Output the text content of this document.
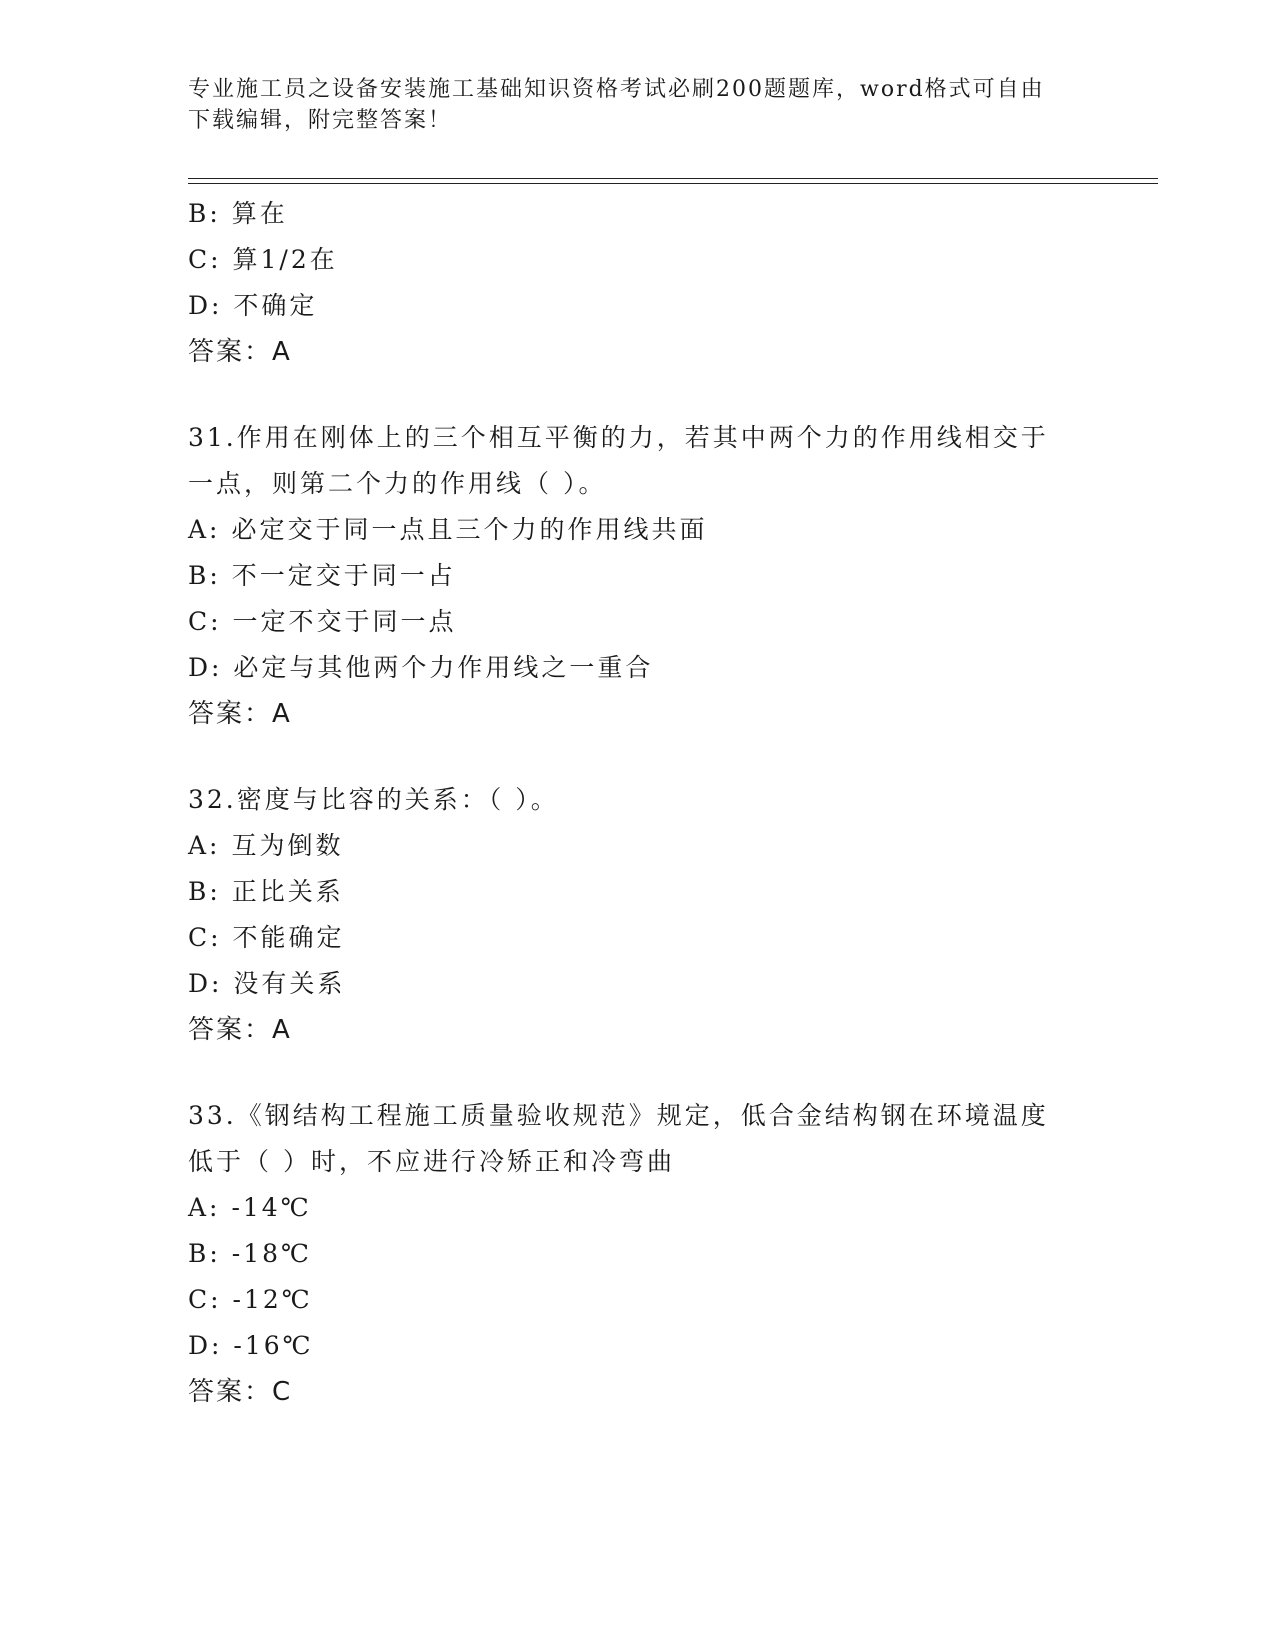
专业施工员之设备安装施工基础知识资格考试必刷200题题库，word格式可自由
下载编辑，附完整答案！
B: 算在
C: 算1/2在
D: 不确定
答案：A
31.作用在刚体上的三个相互平衡的力，若其中两个力的作用线相交于
一点，则第二个力的作用线（ ）。
A: 必定交于同一点且三个力的作用线共面
B: 不一定交于同一占
C: 一定不交于同一点
D: 必定与其他两个力作用线之一重合
答案：A
32.密度与比容的关系：（ ）。
A: 互为倒数
B: 正比关系
C: 不能确定
D: 没有关系
答案：A
33.《钢结构工程施工质量验收规范》规定，低合金结构钢在环境温度
低于（ ）时，不应进行冷矫正和冷弯曲
A: -14℃
B: -18℃
C: -12℃
D: -16℃
答案：C
